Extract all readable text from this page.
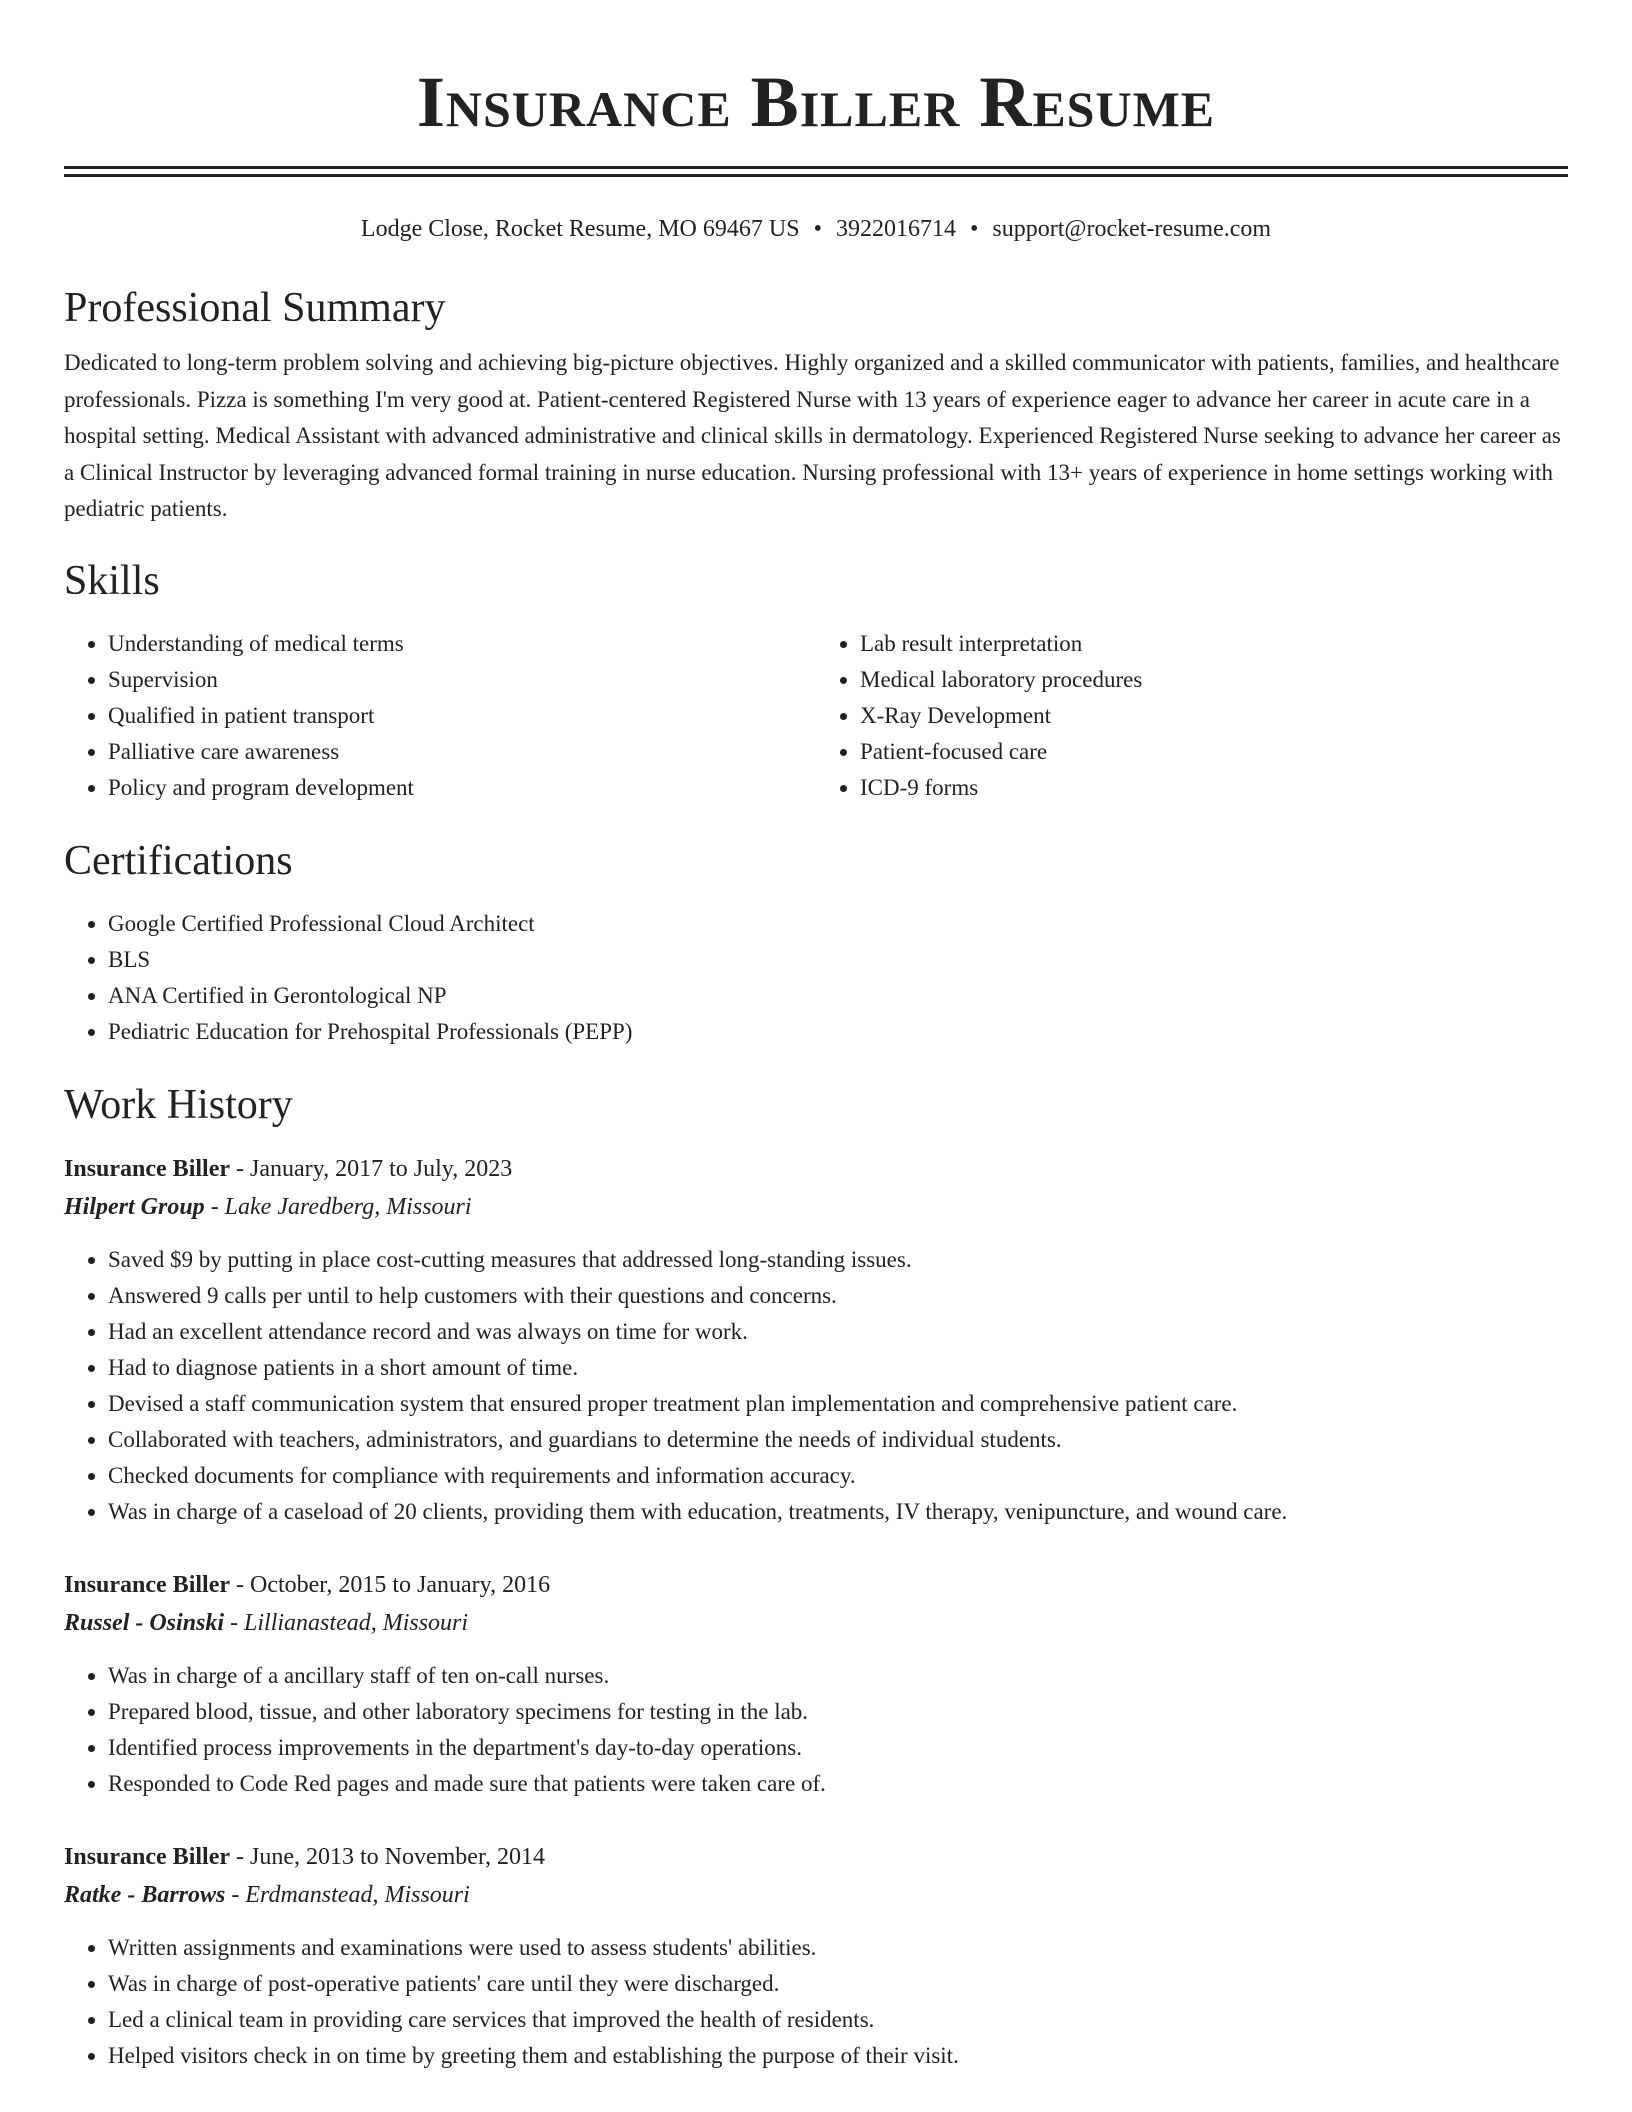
Insurance Biller Resume
Lodge Close, Rocket Resume, MO 69467 US • 3922016714 • support@rocket-resume.com
Professional Summary

Dedicated to long-term problem solving and achieving big-picture objectives. Highly organized and a skilled communicator with patients, families, and healthcare professionals. Pizza is something I'm very good at. Patient-centered Registered Nurse with 13 years of experience eager to advance her career in acute care in a hospital setting. Medical Assistant with advanced administrative and clinical skills in dermatology. Experienced Registered Nurse seeking to advance her career as a Clinical Instructor by leveraging advanced formal training in nurse education. Nursing professional with 13+ years of experience in home settings working with pediatric patients.

Skills
• Understanding of medical terms
• Supervision
• Qualified in patient transport
• Palliative care awareness
• Policy and program development
• Lab result interpretation
• Medical laboratory procedures
• X-Ray Development
• Patient-focused care
• ICD-9 forms
Certifications
• Google Certified Professional Cloud Architect
• BLS
• ANA Certified in Gerontological NP
• Pediatric Education for Prehospital Professionals (PEPP)
Work History
Insurance Biller - January, 2017 to July, 2023
Hilpert Group - Lake Jaredberg, Missouri
• Saved $9 by putting in place cost-cutting measures that addressed long-standing issues.
• Answered 9 calls per until to help customers with their questions and concerns.
• Had an excellent attendance record and was always on time for work.
• Had to diagnose patients in a short amount of time.
• Devised a staff communication system that ensured proper treatment plan implementation and comprehensive patient care.
• Collaborated with teachers, administrators, and guardians to determine the needs of individual students.
• Checked documents for compliance with requirements and information accuracy.
• Was in charge of a caseload of 20 clients, providing them with education, treatments, IV therapy, venipuncture, and wound care.
Insurance Biller - October, 2015 to January, 2016
Russel - Osinski - Lillianastead, Missouri
• Was in charge of a ancillary staff of ten on-call nurses.
• Prepared blood, tissue, and other laboratory specimens for testing in the lab.
• Identified process improvements in the department's day-to-day operations.
• Responded to Code Red pages and made sure that patients were taken care of.
Insurance Biller - June, 2013 to November, 2014
Ratke - Barrows - Erdmanstead, Missouri
• Written assignments and examinations were used to assess students' abilities.
• Was in charge of post-operative patients' care until they were discharged.
• Led a clinical team in providing care services that improved the health of residents.
• Helped visitors check in on time by greeting them and establishing the purpose of their visit.
